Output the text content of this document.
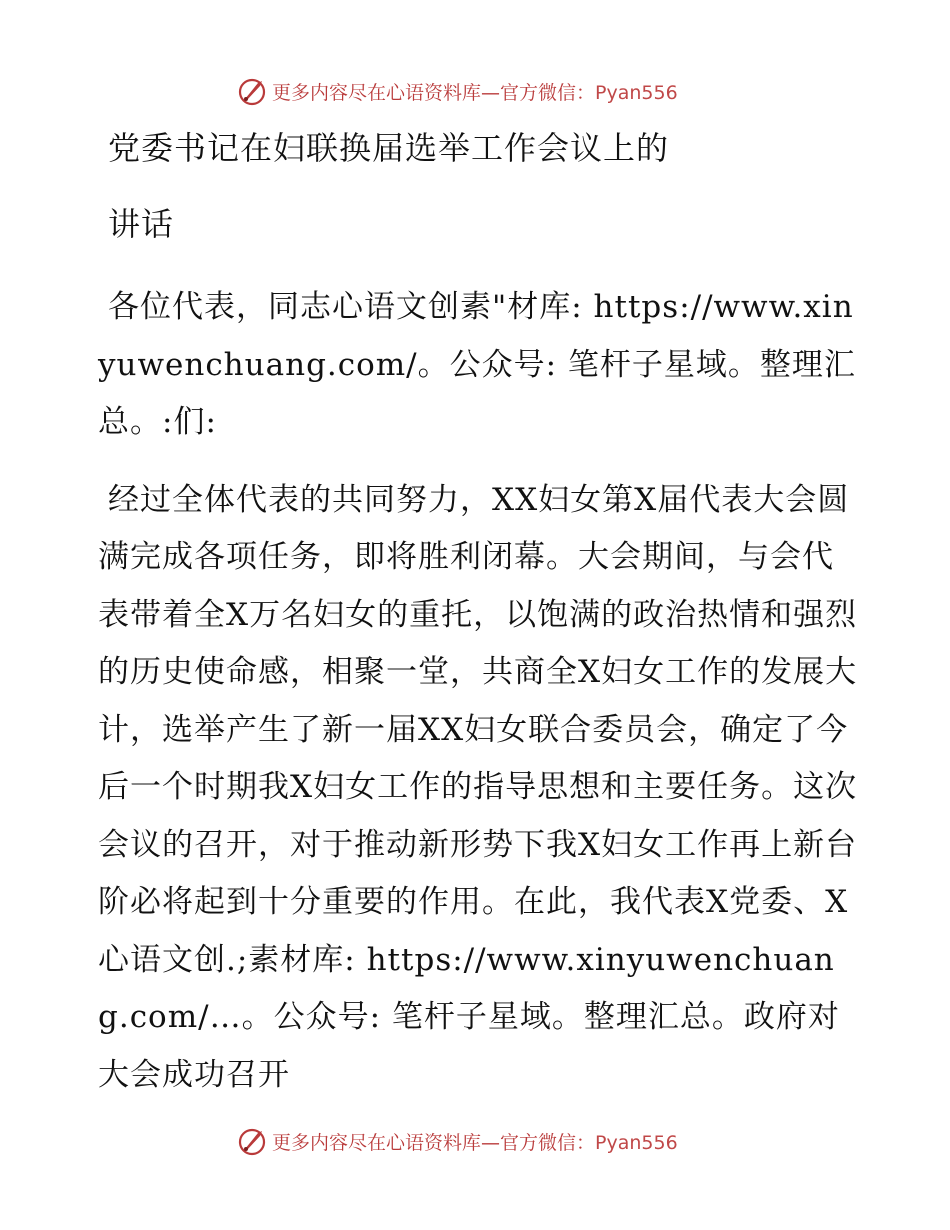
更多内容尽在心语资料库—官方微信：Pyan556

党委书记在妇联换届选举工作会议上的

讲话

各位代表，同志心语文创素"材库: https://www.xinyuwenchuang.com/。公众号: 笔杆子星域。整理汇总。:们:

经过全体代表的共同努力，XX妇女第X届代表大会圆满完成各项任务，即将胜利闭幕。大会期间，与会代表带着全X万名妇女的重托，以饱满的政治热情和强烈的历史使命感，相聚一堂，共商全X妇女工作的发展大计，选举产生了新一届XX妇女联合委员会，确定了今后一个时期我X妇女工作的指导思想和主要任务。这次会议的召开，对于推动新形势下我X妇女工作再上新台阶必将起到十分重要的作用。在此，我代表X党委、X心语文创.;素材库: https://www.xinyuwenchuang.com/…。公众号: 笔杆子星域。整理汇总。政府对大会成功召开

更多内容尽在心语资料库—官方微信：Pyan556
